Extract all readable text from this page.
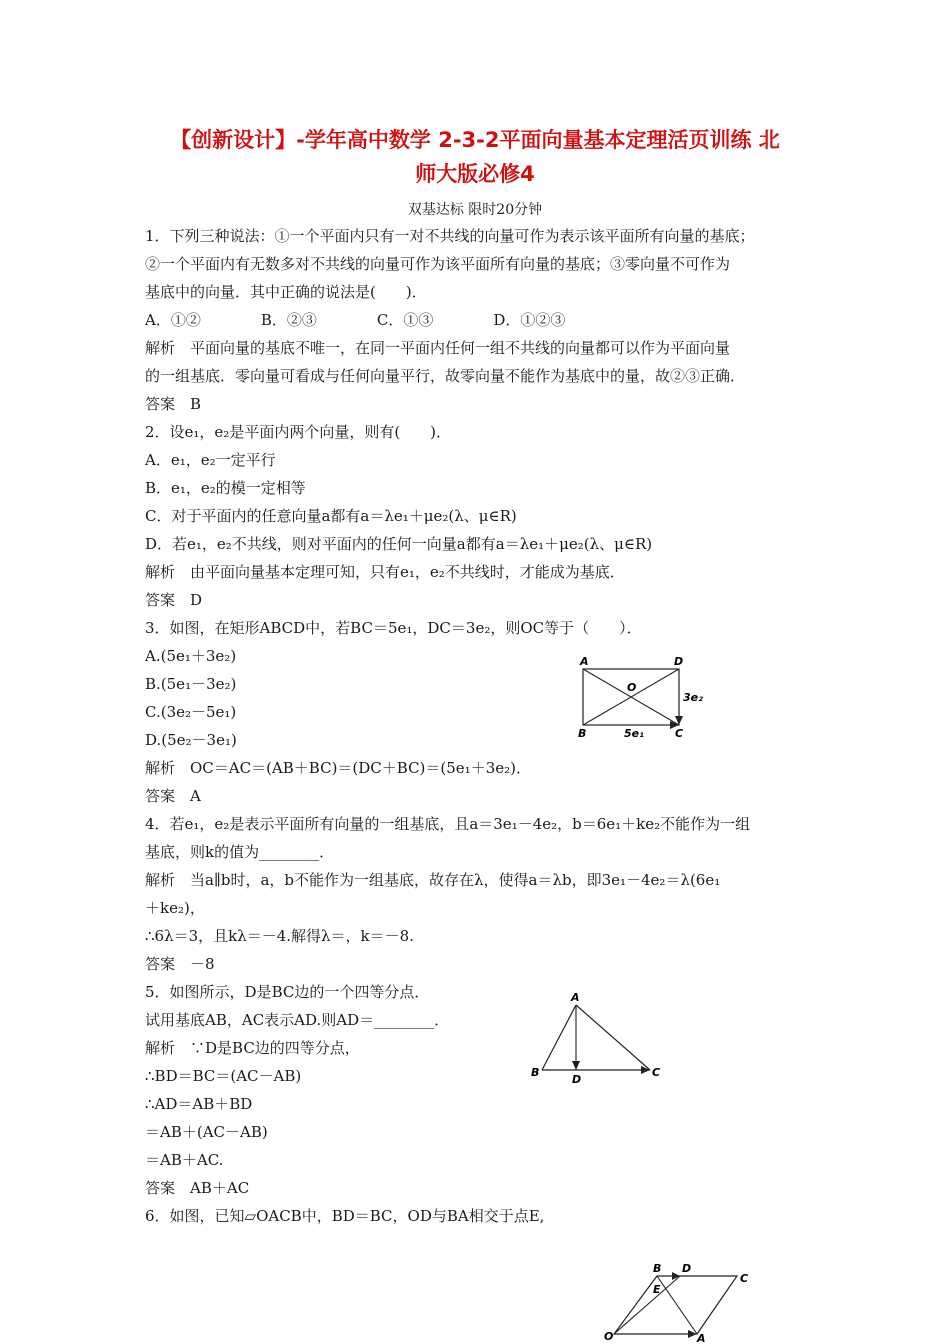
【创新设计】-学年高中数学 2-3-2平面向量基本定理活页训练 北
师大版必修4
双基达标 限时20分钟
1．下列三种说法：①一个平面内只有一对不共线的向量可作为表示该平面所有向量的基底；
②一个平面内有无数多对不共线的向量可作为该平面所有向量的基底；③零向量不可作为
基底中的向量．其中正确的说法是(　　)．
A．①②　　　　B．②③　　　　C．①③　　　　D．①②③
解析　平面向量的基底不唯一，在同一平面内任何一组不共线的向量都可以作为平面向量
的一组基底．零向量可看成与任何向量平行，故零向量不能作为基底中的量，故②③正确．
答案　B
2．设e₁，e₂是平面内两个向量，则有(　　)．
A．e₁，e₂一定平行
B．e₁，e₂的模一定相等
C．对于平面内的任意向量a都有a＝λe₁＋μe₂(λ、μ∈R)
D．若e₁，e₂不共线，则对平面内的任何一向量a都有a＝λe₁＋μe₂(λ、μ∈R)
解析　由平面向量基本定理可知，只有e₁，e₂不共线时，才能成为基底．
答案　D
3．如图，在矩形ABCD中，若BC＝5e₁，DC＝3e₂，则OC等于（　　）．
A.(5e₁＋3e₂)
B.(5e₁－3e₂)
C.(3e₂－5e₁)
D.(5e₂－3e₁)
解析　OC＝AC＝(AB＋BC)＝(DC＋BC)＝(5e₁＋3e₂)．
答案　A
4．若e₁，e₂是表示平面所有向量的一组基底，且a＝3e₁－4e₂，b＝6e₁＋ke₂不能作为一组
基底，则k的值为________．
解析　当a∥b时，a，b不能作为一组基底，故存在λ，使得a＝λb，即3e₁－4e₂＝λ(6e₁
＋ke₂)，
∴6λ＝3，且kλ＝－4.解得λ＝，k＝－8.
答案　－8
5．如图所示，D是BC边的一个四等分点．
试用基底AB，AC表示AD.则AD＝________．
解析　∵D是BC边的四等分点，
∴BD＝BC＝(AC－AB)
∴AD＝AB＋BD
＝AB＋(AC－AB)
＝AB＋AC.
答案　AB＋AC
6．如图，已知▱OACB中，BD＝BC，OD与BA相交于点E,
A	D
B	C
O
3e₂
5e₁
A
B	C
D
B D
C
E
O	A
